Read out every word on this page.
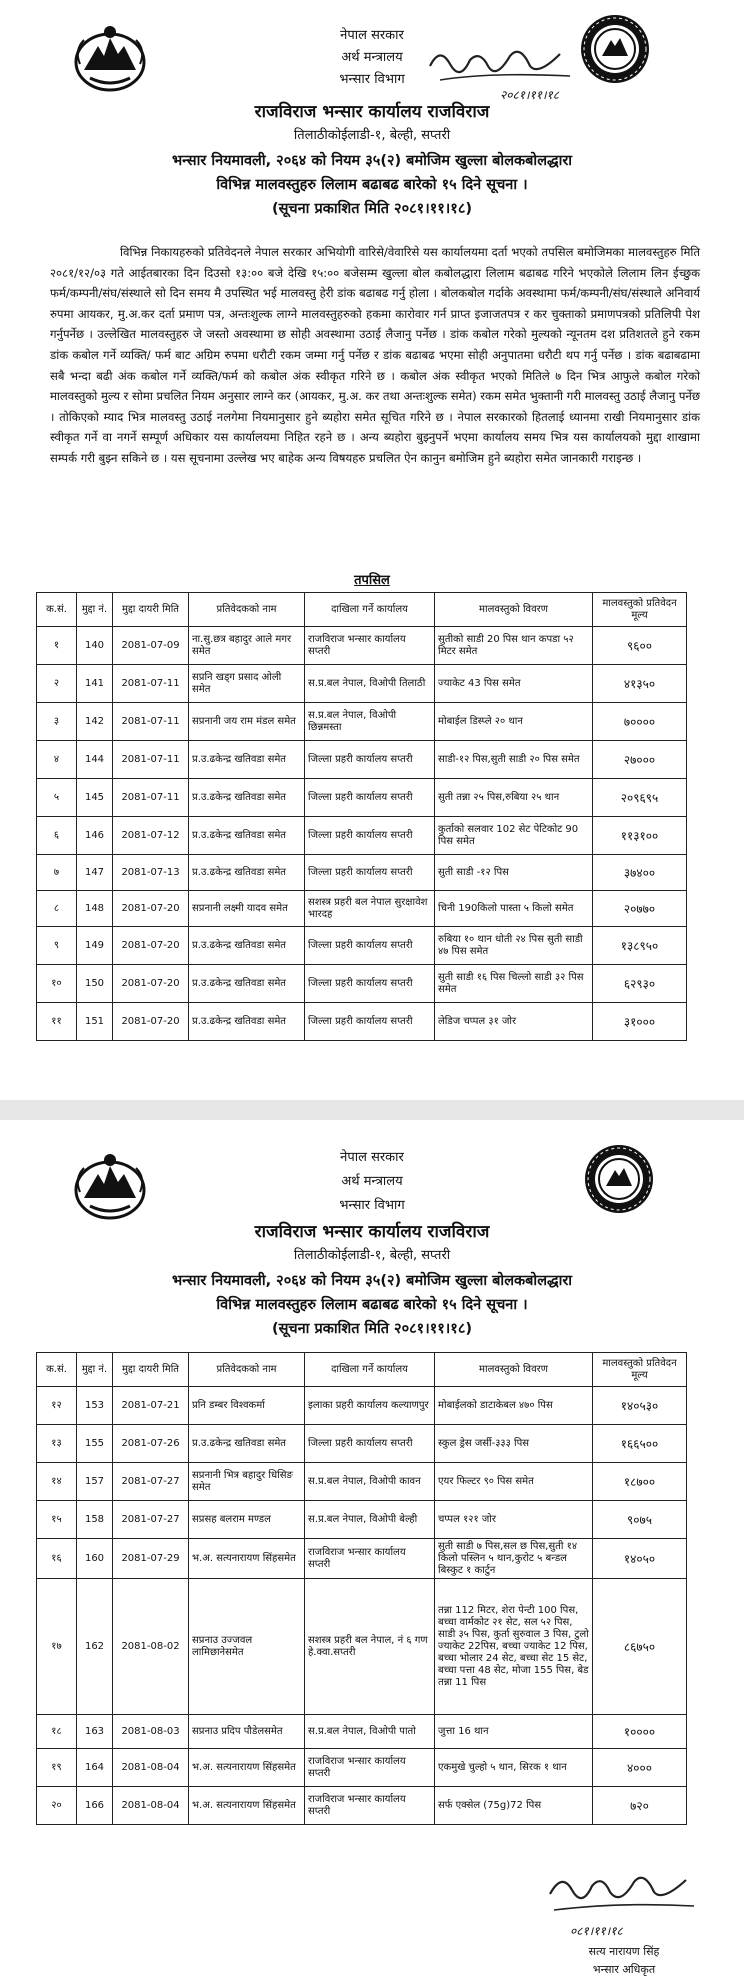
नेपाल सरकार
अर्थ मन्त्रालय
भन्सार विभाग
२०८१।११।१८
राजविराज भन्सार कार्यालय राजविराज
तिलाठीकोईलाडी-१, बेल्ही, सप्तरी
भन्सार नियमावली, २०६४ को नियम ३५(२) बमोजिम खुल्ला बोलकबोलद्धारा
विभिन्न मालवस्तुहरु लिलाम बढाबढ बारेको १५ दिने सूचना ।
(सूचना प्रकाशित मिति २०८१।११।१८)
विभिन्न निकायहरुको प्रतिवेदनले नेपाल सरकार अभियोगी वारिसे/वेवारिसे यस कार्यालयमा दर्ता भएको तपसिल बमोजिमका मालवस्तुहरु मिति २०८१/१२/०३ गते आईतबारका दिन दिउसो १३:०० बजे देखि १५:०० बजेसम्म खुल्ला बोल कबोलद्धारा लिलाम बढाबढ गरिने भएकोले लिलाम लिन ईच्छुक फर्म/कम्पनी/संघ/संस्थाले सो दिन समय मै उपस्थित भई मालवस्तु हेरी डांक बढाबढ गर्नु होला । बोलकबोल गर्दाके अवस्थामा फर्म/कम्पनी/संघ/संस्थाले अनिवार्य रुपमा आयकर, मु.अ.कर दर्ता प्रमाण पत्र, अन्तःशुल्क लाग्ने मालवस्तुहरुको हकमा कारोवार गर्न प्राप्त इजाजतपत्र र कर चुक्ताको प्रमाणपत्रको प्रतिलिपी पेश गर्नुपर्नेछ । उल्लेखित मालवस्तुहरु जे जस्तो अवस्थामा छ सोही अवस्थामा उठाई लैजानु पर्नेछ । डांक कबोल गरेको मुल्यको न्यूनतम दश प्रतिशतले हुने रकम डांक कबोल गर्ने व्यक्ति/ फर्म बाट अग्रिम रुपमा धरौटी रकम जम्मा गर्नु पर्नेछ र डांक बढाबढ भएमा सोही अनुपातमा धरौटी थप गर्नु पर्नेछ । डांक बढाबढामा सबै भन्दा बढी अंक कबोल गर्ने व्यक्ति/फर्म को कबोल अंक स्वीकृत गरिने छ । कबोल अंक स्वीकृत भएको मितिले ७ दिन भित्र आफुले कबोल गरेको मालवस्तुको मुल्य र सोमा प्रचलित नियम अनुसार लाग्ने कर (आयकर, मु.अ. कर तथा अन्तःशुल्क समेत) रकम समेत भुक्तानी गरी मालवस्तु उठाई लैजानु पर्नेछ । तोकिएको म्याद भित्र मालवस्तु उठाई नलगेमा नियमानुसार हुने ब्यहोरा समेत सूचित गरिने छ । नेपाल सरकारको हितलाई ध्यानमा राखी नियमानुसार डांक स्वीकृत गर्ने वा नगर्ने सम्पूर्ण अधिकार यस कार्यालयमा निहित रहने छ । अन्य ब्यहोरा बुझ्नुपर्ने भएमा कार्यालय समय भित्र यस कार्यालयको मुद्दा शाखामा सम्पर्क गरी बुझ्न सकिने छ । यस सूचनामा उल्लेख भए बाहेक अन्य विषयहरु प्रचलित ऐन कानुन बमोजिम हुने ब्यहोरा समेत जानकारी गराइन्छ ।
तपसिल
क.सं.	मुद्दा नं.	मुद्दा दायरी मिति	प्रतिवेदकको नाम	दाखिला गर्ने कार्यालय	मालवस्तुको विवरण	मालवस्तुको प्रतिवेदन मूल्य
१	140	2081-07-09	ना.सु.छत्र बहादुर आले मगर समेत	राजविराज भन्सार कार्यालय सप्तरी	सुतीको साडी 20 पिस थान कपडा ५२ मिटर समेत	९६००
२	141	2081-07-11	सप्रनि खड्ग प्रसाद ओली समेत	स.प्र.बल नेपाल, विओपी तिलाठी	ज्याकेट 43 पिस समेत	४१३५०
३	142	2081-07-11	सप्रनानी जय राम मंडल समेत	स.प्र.बल नेपाल, विओपी छिन्नमस्ता	मोबाईल डिस्प्ले २० थान	७००००
४	144	2081-07-11	प्र.उ.ढकेन्द्र खतिवडा समेत	जिल्ला प्रहरी कार्यालय सप्तरी	साडी-१२ पिस,सुती साडी २० पिस समेत	२७०००
५	145	2081-07-11	प्र.उ.ढकेन्द्र खतिवडा समेत	जिल्ला प्रहरी कार्यालय सप्तरी	सुती तन्ना २५ पिस,रुबिया २५ थान	२०९६९५
६	146	2081-07-12	प्र.उ.ढकेन्द्र खतिवडा समेत	जिल्ला प्रहरी कार्यालय सप्तरी	कुर्ताको सलवार 102 सेट पेटिकोट 90 पिस समेत	११३१००
७	147	2081-07-13	प्र.उ.ढकेन्द्र खतिवडा समेत	जिल्ला प्रहरी कार्यालय सप्तरी	सुती साडी -१२ पिस	३७४००
८	148	2081-07-20	सप्रनानी लक्ष्मी यादव समेत	सशस्त्र प्रहरी बल नेपाल सुरक्षावेश भारदह	चिनी 190किलो पास्ता ५ किलो समेत	२०७७०
९	149	2081-07-20	प्र.उ.ढकेन्द्र खतिवडा समेत	जिल्ला प्रहरी कार्यालय सप्तरी	रुबिया १० थान धोती २४ पिस सुती साडी ४७ पिस समेत	१३८९५०
१०	150	2081-07-20	प्र.उ.ढकेन्द्र खतिवडा समेत	जिल्ला प्रहरी कार्यालय सप्तरी	सुती साडी १६ पिस चिल्लो साडी ३२ पिस समेत	६२९३०
११	151	2081-07-20	प्र.उ.ढकेन्द्र खतिवडा समेत	जिल्ला प्रहरी कार्यालय सप्तरी	लेडिज चप्पल ३१ जोर	३१०००
नेपाल सरकार
अर्थ मन्त्रालय
भन्सार विभाग
राजविराज भन्सार कार्यालय राजविराज
तिलाठीकोईलाडी-१, बेल्ही, सप्तरी
भन्सार नियमावली, २०६४ को नियम ३५(२) बमोजिम खुल्ला बोलकबोलद्धारा
विभिन्न मालवस्तुहरु लिलाम बढाबढ बारेको १५ दिने सूचना ।
(सूचना प्रकाशित मिति २०८१।११।१८)
क.सं.	मुद्दा नं.	मुद्दा दायरी मिति	प्रतिवेदकको नाम	दाखिला गर्ने कार्यालय	मालवस्तुको विवरण	मालवस्तुको प्रतिवेदन मूल्य
१२	153	2081-07-21	प्रनि डम्बर विश्वकर्मा	इलाका प्रहरी कार्यालय कल्याणपुर	मोबाईलको डाटाकेबल ४७० पिस	१४०५३०
१३	155	2081-07-26	प्र.उ.ढकेन्द्र खतिवडा समेत	जिल्ला प्रहरी कार्यालय सप्तरी	स्कुल ड्रेस जर्सी-३३३ पिस	१६६५००
१४	157	2081-07-27	सप्रनानी भित्र बहादुर धिसिङ समेत	स.प्र.बल नेपाल, विओपी कावन	एयर फिल्टर ९० पिस समेत	१८७००
१५	158	2081-07-27	सप्रसह बलराम मण्डल	स.प्र.बल नेपाल, विओपी बेल्ही	चप्पल १२१ जोर	९०७५
१६	160	2081-07-29	भ.अ. सत्यनारायण सिंहसमेत	राजविराज भन्सार कार्यालय सप्तरी	सुती साडी ७ पिस,सल छ पिस,सुती १४ किलो पस्लिन ५ थान,कुरोट ५ बन्डल बिस्कुट १ कार्टुन	१४०५०
१७	162	2081-08-02	सप्रनाउ उज्जवल लामिछानेसमेत	सशस्त्र प्रहरी बल नेपाल, नं ६ गण हे.क्वा.सप्तरी	तन्ना 112 मिटर, शेरा पेन्टी 100 पिस, बच्चा वार्मकोट २१ सेट, सल ५२ पिस, साडी ३५ पिस, कुर्ता सुरुवाल 3 पिस, टुलो ज्याकेट 22पिस, बच्चा ज्याकेट 12 पिस, बच्चा भोलार 24 सेट, बच्चा सेट 15 सेट, बच्चा पत्ता 48 सेट, मोजा 155 पिस, बेड तन्ना 11 पिस	८६७५०
१८	163	2081-08-03	सप्रनाउ प्रदिप पौडेलसमेत	स.प्र.बल नेपाल, विओपी पातो	जुत्ता 16 थान	१००००
१९	164	2081-08-04	भ.अ. सत्यनारायण सिंहसमेत	राजविराज भन्सार कार्यालय सप्तरी	एकमुखे चुल्हो ५ थान, सिरक १ थान	४०००
२०	166	2081-08-04	भ.अ. सत्यनारायण सिंहसमेत	राजविराज भन्सार कार्यालय सप्तरी	सर्फ एक्सेल (75g)72 पिस	७२०
०८१।११।१८
सत्य नारायण सिंह
भन्सार अधिकृत
